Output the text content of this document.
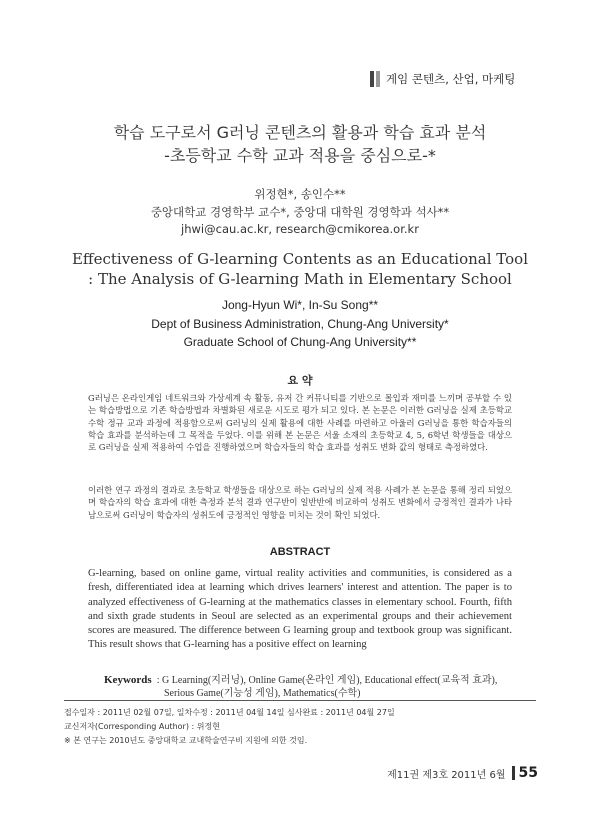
게임 콘텐츠, 산업, 마케팅
학습 도구로서 G러닝 콘텐츠의 활용과 학습 효과 분석
-초등학교 수학 교과 적용을 중심으로-*
위정현*, 송인수**
중앙대학교 경영학부 교수*, 중앙대 대학원 경영학과 석사**
jhwi@cau.ac.kr, research@cmikorea.or.kr
Effectiveness of G-learning Contents as an Educational Tool
: The Analysis of G-learning Math in Elementary School
Jong-Hyun Wi*, In-Su Song**
Dept of Business Administration, Chung-Ang University*
Graduate School of Chung-Ang University**
요 약
G러닝은 온라인게임 네트워크와 가상세계 속 활동, 유저 간 커뮤니티를 기반으로 몰입과 재미를 느끼며 공부할 수 있는 학습방법으로 기존 학습방법과 차별화된 새로운 시도로 평가 되고 있다. 본 논문은 이러한 G러닝을 실제 초등학교 수학 정규 교과 과정에 적용함으로써 G러닝의 실제 활용에 대한 사례를 마련하고 아울러 G러닝을 통한 학습자들의 학습 효과를 분석하는데 그 목적을 두었다. 이를 위해 본 논문은 서울 소재의 초등학교 4, 5, 6학년 학생들을 대상으로 G러닝을 실제 적용하여 수업을 진행하였으며 학습자들의 학습 효과를 성취도 변화 값의 형태로 측정하였다.
이러한 연구 과정의 결과로 초등학교 학생들을 대상으로 하는 G러닝의 실제 적용 사례가 본 논문을 통해 정리 되었으며 학습자의 학습 효과에 대한 측정과 분석 결과 연구반이 일반반에 비교하여 성취도 변화에서 긍정적인 결과가 나타남으로써 G러닝이 학습자의 성취도에 긍정적인 영향을 미치는 것이 확인 되었다.
ABSTRACT
G-learning, based on online game, virtual reality activities and communities, is considered as a fresh, differentiated idea at learning which drives learners' interest and attention. The paper is to analyzed effectiveness of G-learning at the mathematics classes in elementary school. Fourth, fifth and sixth grade students in Seoul are selected as an experimental groups and their achievement scores are measured. The difference between G learning group and textbook group was significant. This result shows that G-learning has a positive effect on learning
Keywords : G Learning(지러닝), Online Game(온라인 게임), Educational effect(교육적 효과),
Serious Game(기능성 게임), Mathematics(수학)
접수일자 : 2011년 02월 07일, 일차수정 : 2011년 04월 14일 심사완료 : 2011년 04월 27일
교신저자(Corresponding Author) : 위정현
※ 본 연구는 2010년도 중앙대학교 교내학술연구비 지원에 의한 것임.
제11권 제3호 2011년 6월 55
